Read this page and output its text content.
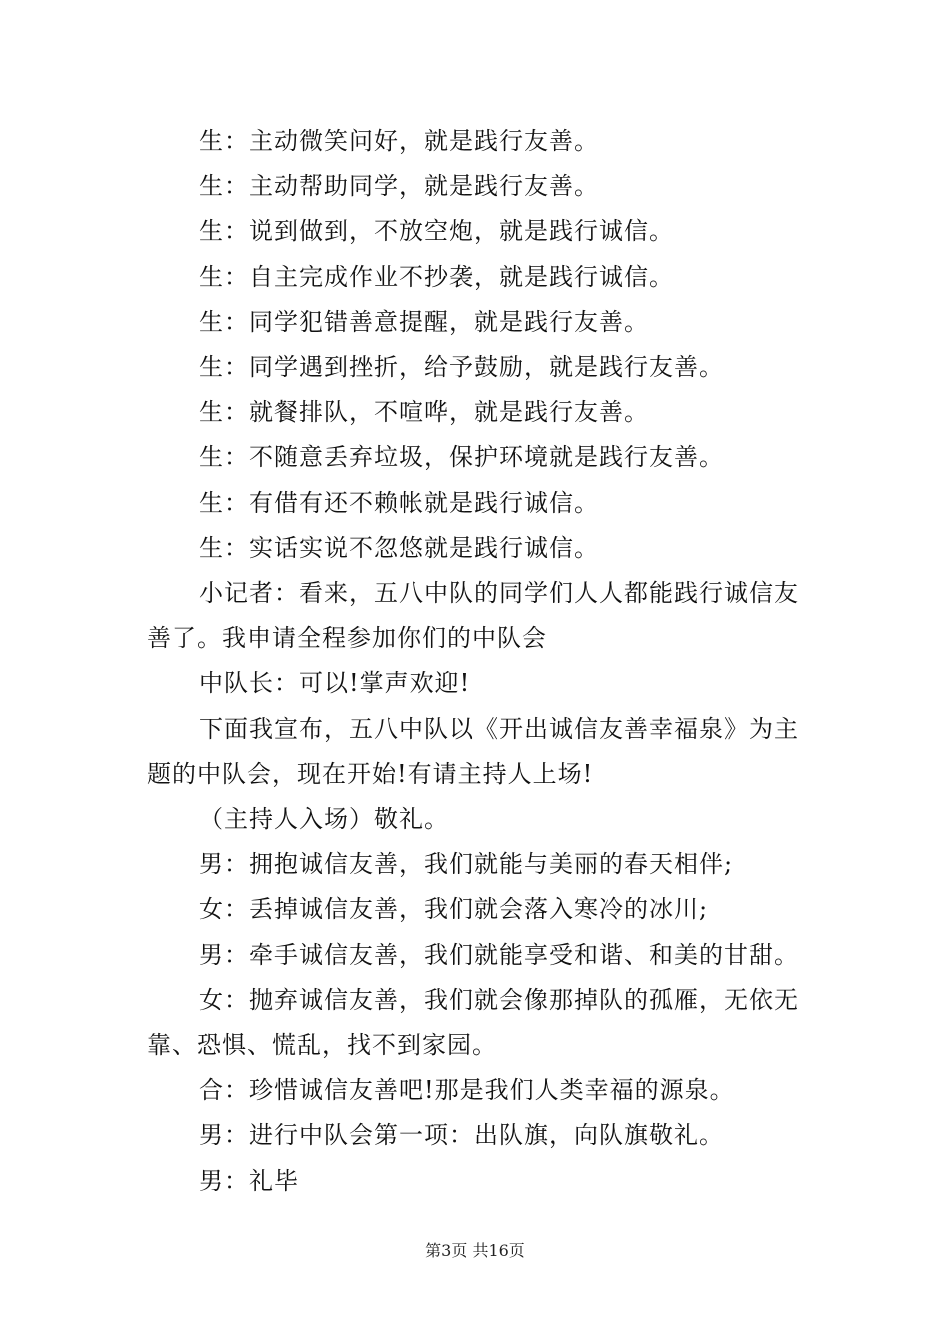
生：主动微笑问好，就是践行友善。

生：主动帮助同学，就是践行友善。

生：说到做到，不放空炮，就是践行诚信。

生：自主完成作业不抄袭，就是践行诚信。

生：同学犯错善意提醒，就是践行友善。

生：同学遇到挫折，给予鼓励，就是践行友善。

生：就餐排队，不喧哗，就是践行友善。

生：不随意丢弃垃圾，保护环境就是践行友善。

生：有借有还不赖帐就是践行诚信。

生：实话实说不忽悠就是践行诚信。

小记者：看来，五八中队的同学们人人都能践行诚信友善了。我申请全程参加你们的中队会

中队长：可以!掌声欢迎!

下面我宣布，五八中队以《开出诚信友善幸福泉》为主题的中队会，现在开始!有请主持人上场!

（主持人入场）敬礼。

男：拥抱诚信友善，我们就能与美丽的春天相伴;

女：丢掉诚信友善，我们就会落入寒冷的冰川;

男：牵手诚信友善，我们就能享受和谐、和美的甘甜。

女：抛弃诚信友善，我们就会像那掉队的孤雁，无依无靠、恐惧、慌乱，找不到家园。

合：珍惜诚信友善吧!那是我们人类幸福的源泉。

男：进行中队会第一项：出队旗，向队旗敬礼。

男：礼毕

第3页 共16页
